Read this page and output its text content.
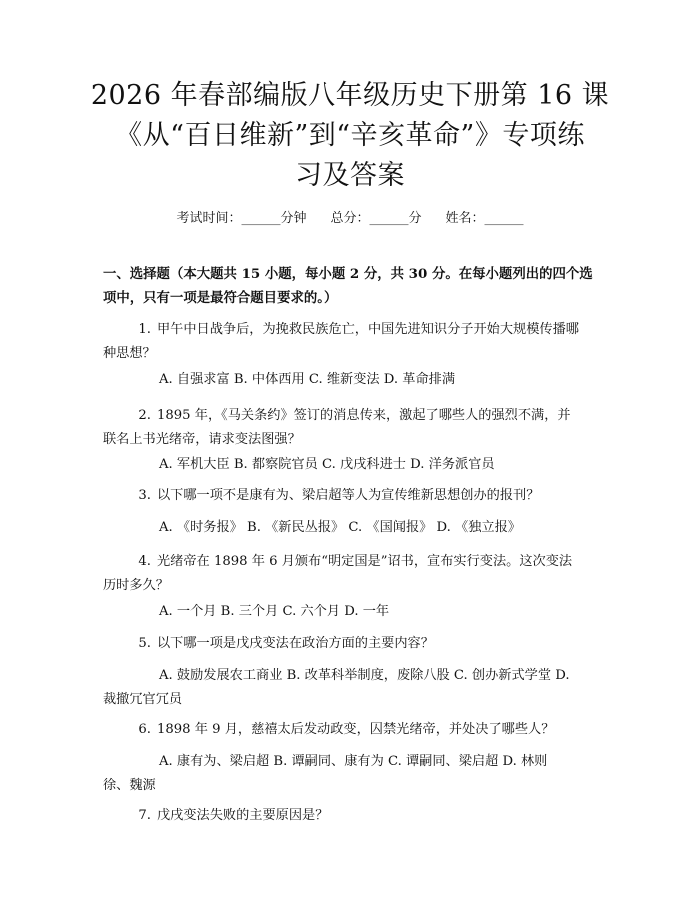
2026 年春部编版八年级历史下册第 16 课
《从“百日维新”到“辛亥革命”》专项练
习及答案
考试时间：______分钟 总分：______分 姓名：______
一、选择题（本大题共 15 小题，每小题 2 分，共 30 分。在每小题列出的四个选
项中，只有一项是最符合题目要求的。）
1. 甲午中日战争后，为挽救民族危亡，中国先进知识分子开始大规模传播哪
种思想？
A. 自强求富 B. 中体西用 C. 维新变法 D. 革命排满
2. 1895 年，《马关条约》签订的消息传来，激起了哪些人的强烈不满，并
联名上书光绪帝，请求变法图强？
A. 军机大臣 B. 都察院官员 C. 戊戌科进士 D. 洋务派官员
3. 以下哪一项不是康有为、梁启超等人为宣传维新思想创办的报刊？
A. 《时务报》 B. 《新民丛报》 C. 《国闻报》 D. 《独立报》
4. 光绪帝在 1898 年 6 月颁布“明定国是”诏书，宣布实行变法。这次变法
历时多久？
A. 一个月 B. 三个月 C. 六个月 D. 一年
5. 以下哪一项是戊戌变法在政治方面的主要内容？
A. 鼓励发展农工商业 B. 改革科举制度，废除八股 C. 创办新式学堂 D.
裁撤冗官冗员
6. 1898 年 9 月，慈禧太后发动政变，囚禁光绪帝，并处决了哪些人？
A. 康有为、梁启超 B. 谭嗣同、康有为 C. 谭嗣同、梁启超 D. 林则
徐、魏源
7. 戊戌变法失败的主要原因是？
